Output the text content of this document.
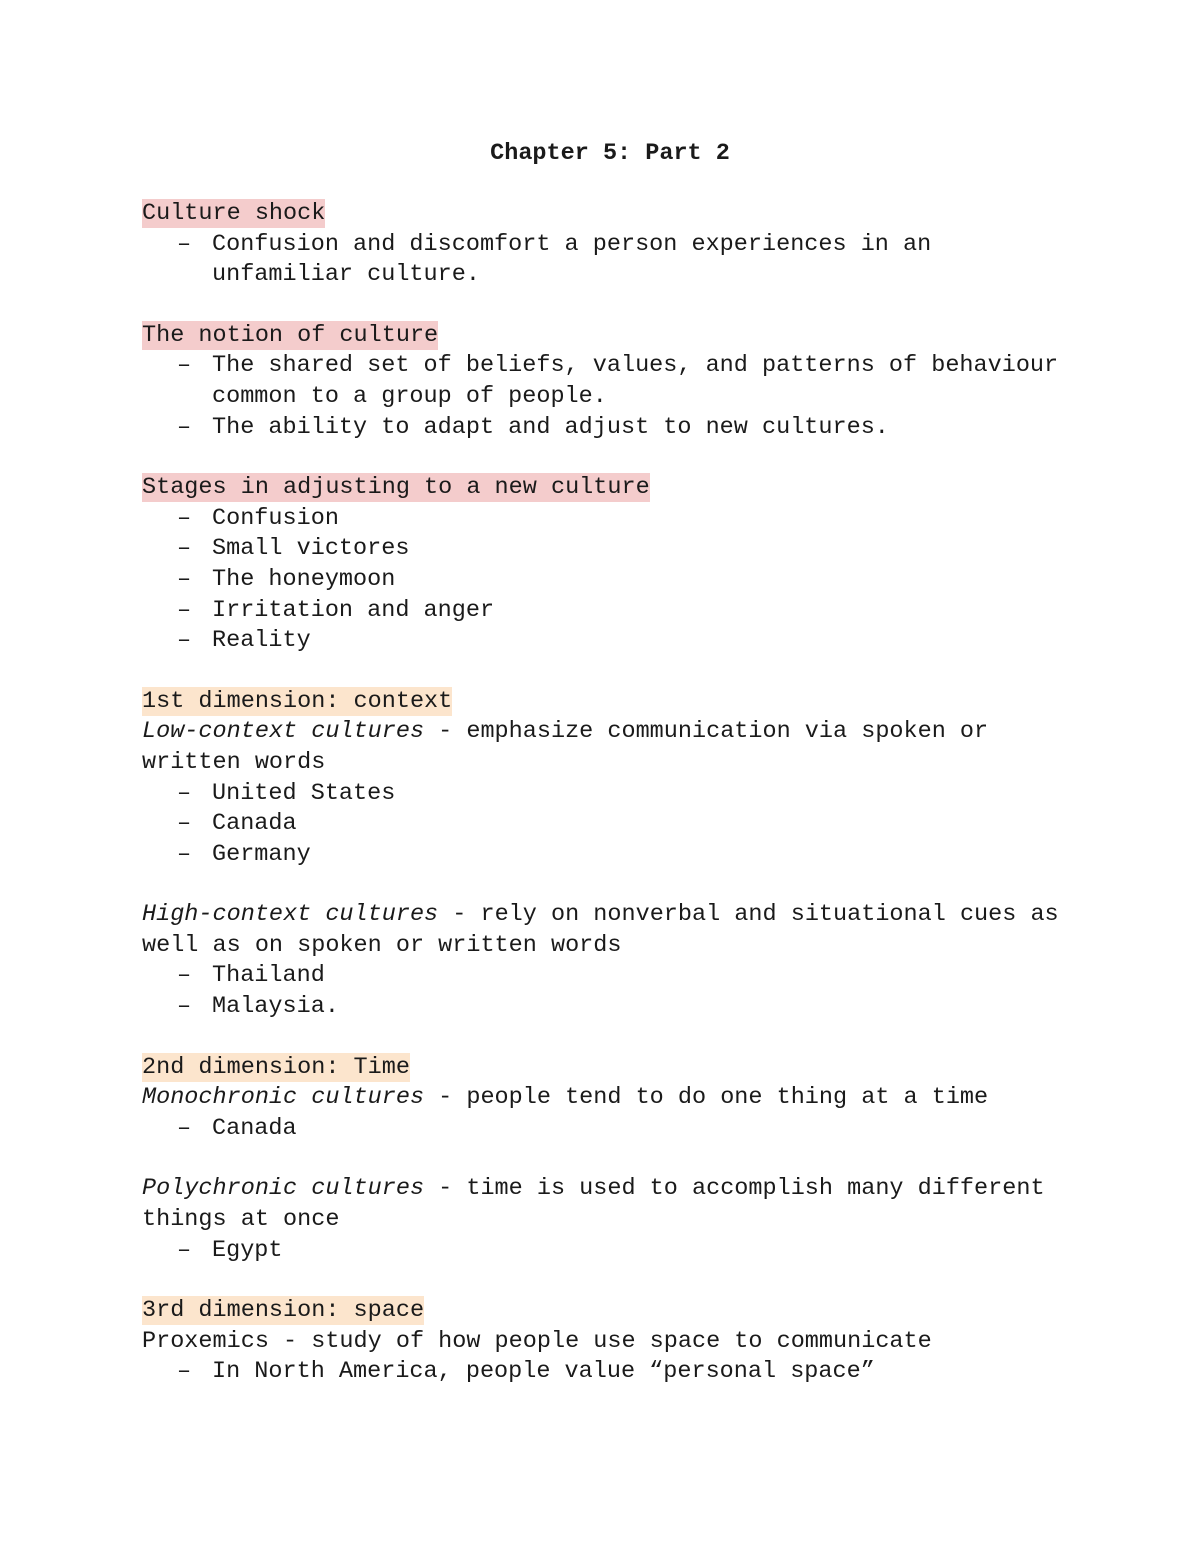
Chapter 5: Part 2
Culture shock
– Confusion and discomfort a person experiences in an unfamiliar culture.
The notion of culture
– The shared set of beliefs, values, and patterns of behaviour common to a group of people.
– The ability to adapt and adjust to new cultures.
Stages in adjusting to a new culture
– Confusion
– Small victores
– The honeymoon
– Irritation and anger
– Reality
1st dimension: context
Low-context cultures - emphasize communication via spoken or written words
– United States
– Canada
– Germany
High-context cultures - rely on nonverbal and situational cues as well as on spoken or written words
– Thailand
– Malaysia.
2nd dimension: Time
Monochronic cultures - people tend to do one thing at a time
– Canada
Polychronic cultures - time is used to accomplish many different things at once
– Egypt
3rd dimension: space
Proxemics - study of how people use space to communicate
– In North America, people value “personal space”
